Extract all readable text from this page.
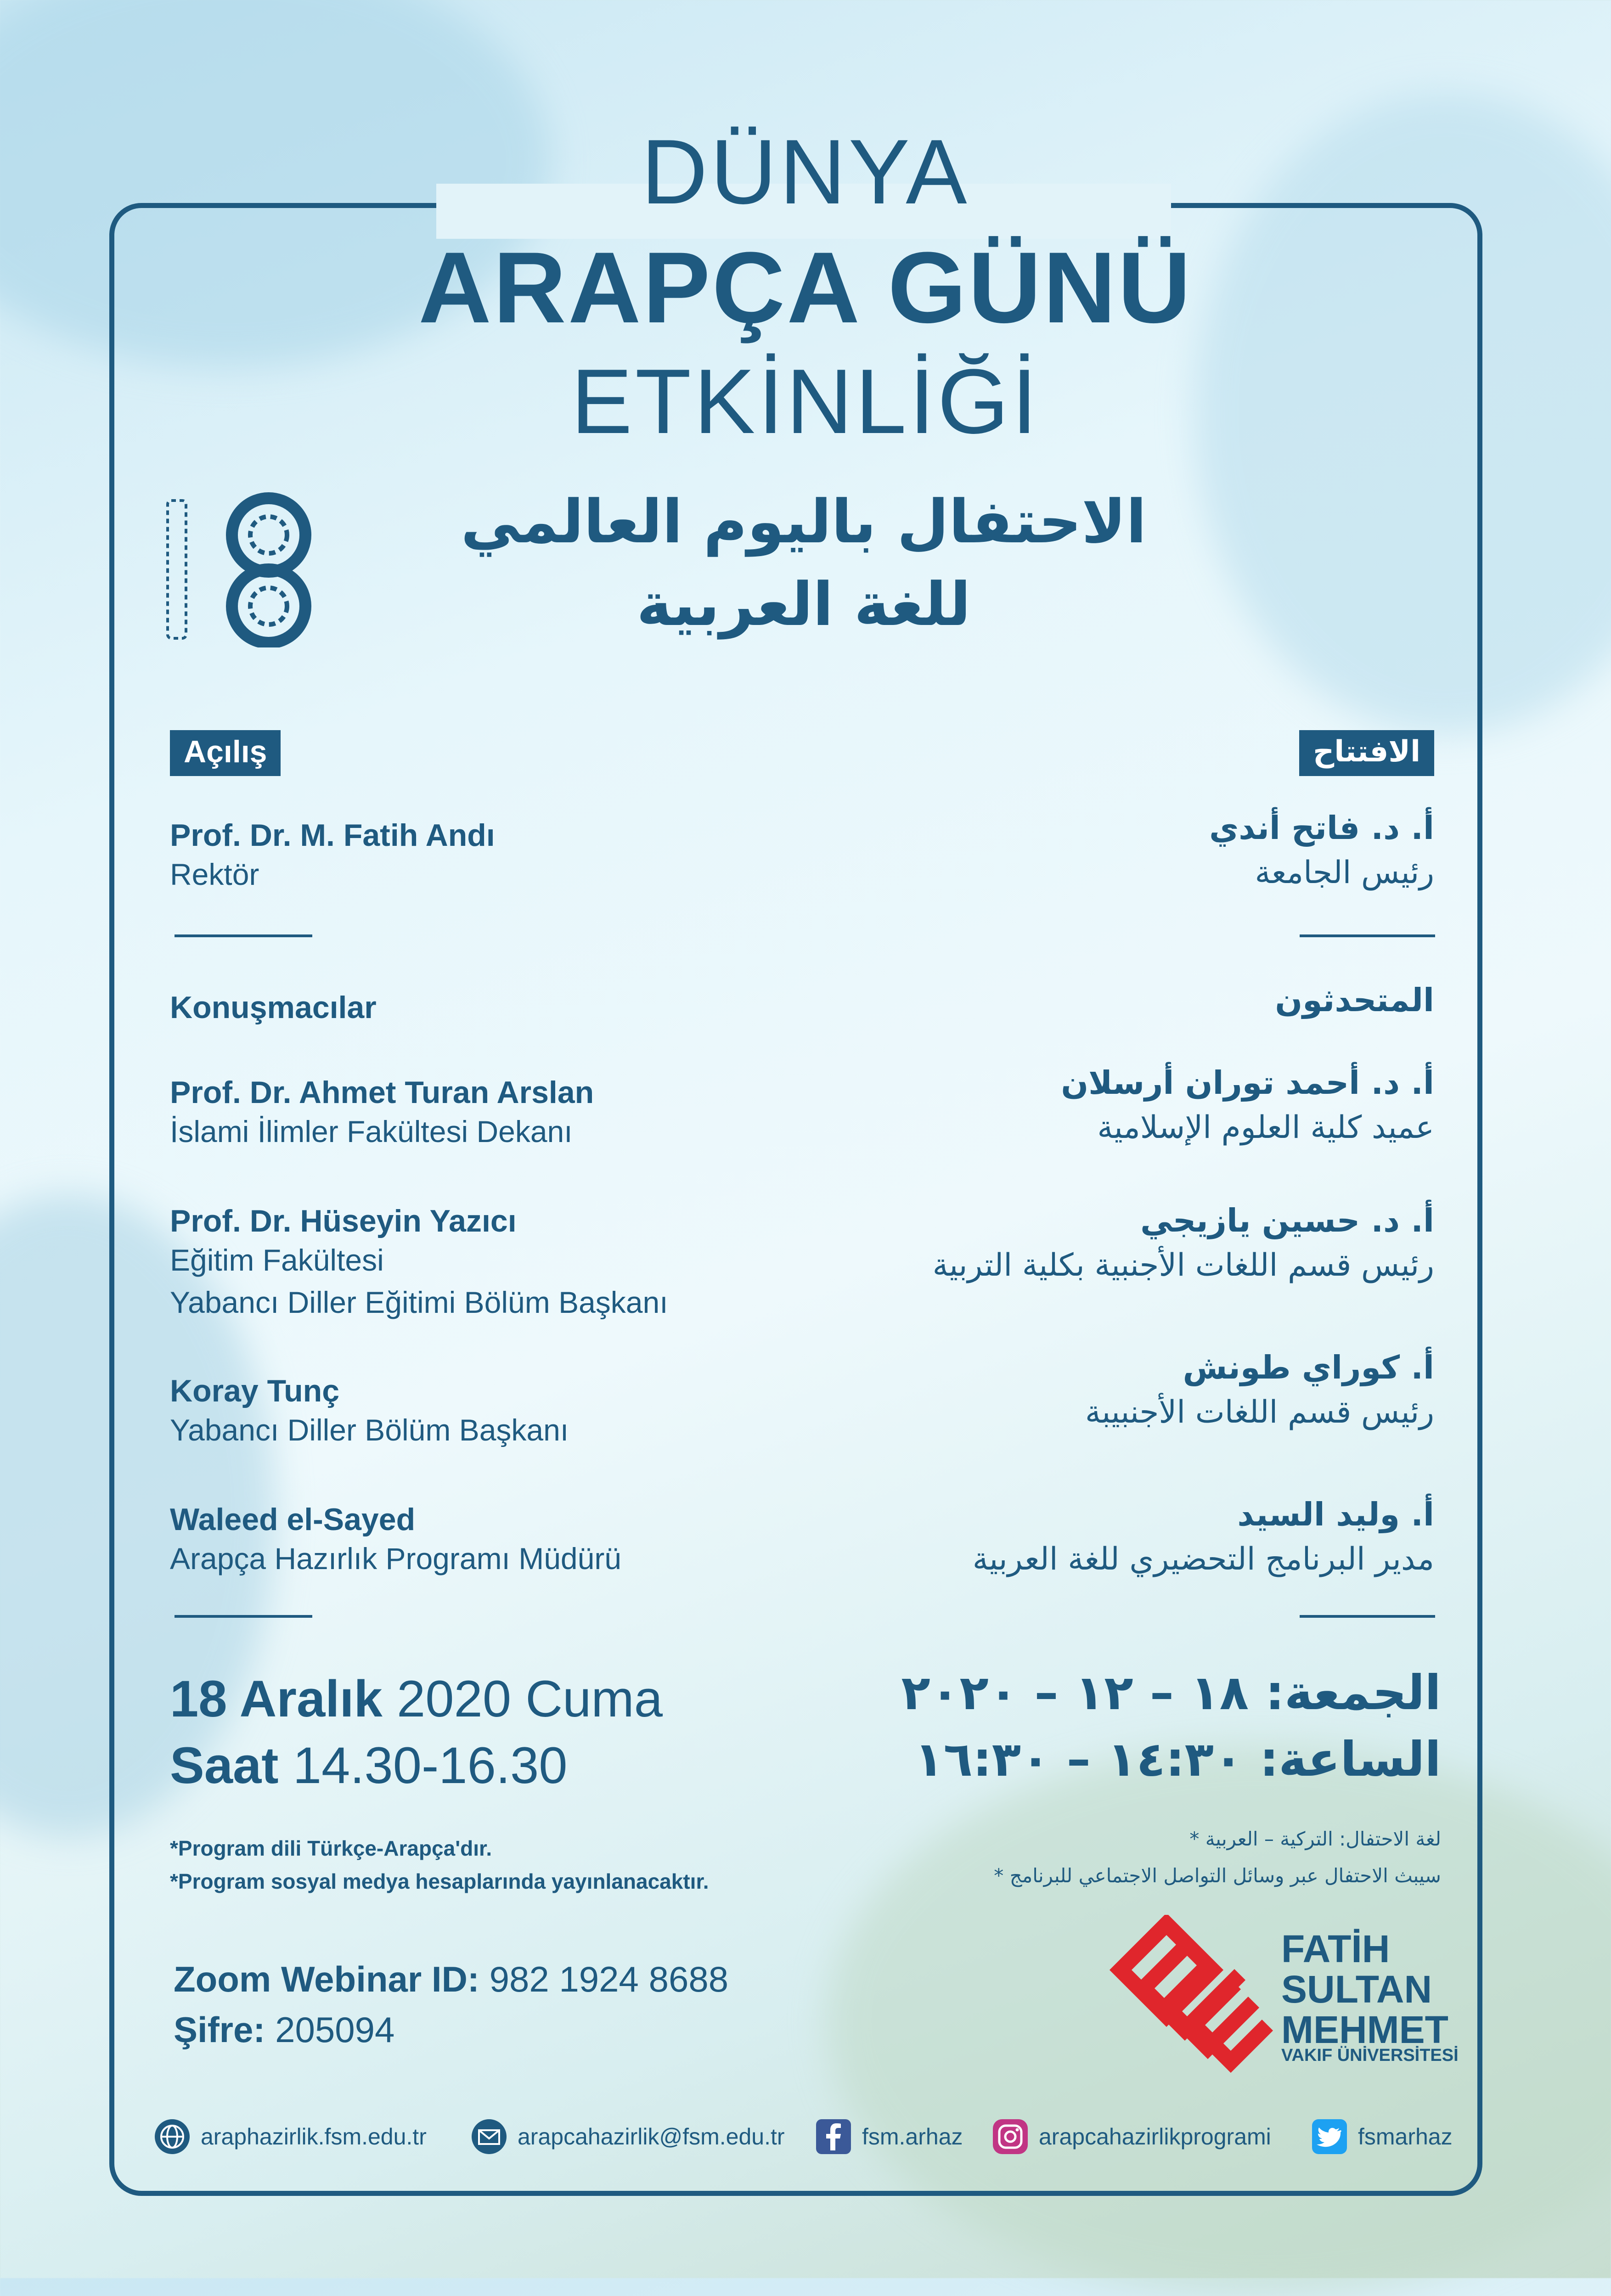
DÜNYA
ARAPÇA GÜNÜ
ETKİNLİĞİ
الاحتفال باليوم العالمي
للغة العربية
Açılış
Prof. Dr. M. Fatih Andı
Rektör
Konuşmacılar
Prof. Dr. Ahmet Turan Arslan
İslami İlimler Fakültesi Dekanı
Prof. Dr. Hüseyin Yazıcı
Eğitim Fakültesi
Yabancı Diller Eğitimi Bölüm Başkanı
Koray Tunç
Yabancı Diller Bölüm Başkanı
Waleed el-Sayed
Arapça Hazırlık Programı Müdürü
الافتتاح
أ. د. فاتح أندي
رئيس الجامعة
المتحدثون
أ. د. أحمد توران أرسلان
عميد كلية العلوم الإسلامية
أ. د. حسين يازيجي
رئيس قسم اللغات الأجنبية بكلية التربية
أ. كوراي طونش
رئيس قسم اللغات الأجنبيبة
أ. وليد السيد
مدير البرنامج التحضيري للغة العربية
18 Aralık 2020 Cuma
Saat 14.30-16.30
الجمعة: ١٨ – ١٢ – ٢٠٢٠
الساعة: ١٤:٣٠ – ١٦:٣٠
*Program dili Türkçe-Arapça'dır.
*Program sosyal medya hesaplarında yayınlanacaktır.
لغة الاحتفال: التركية – العربية *
سيبث الاحتفال عبر وسائل التواصل الاجتماعي للبرنامج *
Zoom Webinar ID: 982 1924 8688
Şifre: 205094
FATİH
SULTAN
MEHMET
VAKIF ÜNİVERSİTESİ
araphazirlik.fsm.edu.tr	arapcahazirlik@fsm.edu.tr	fsm.arhaz	arapcahazirlikprogrami	fsmarhaz
